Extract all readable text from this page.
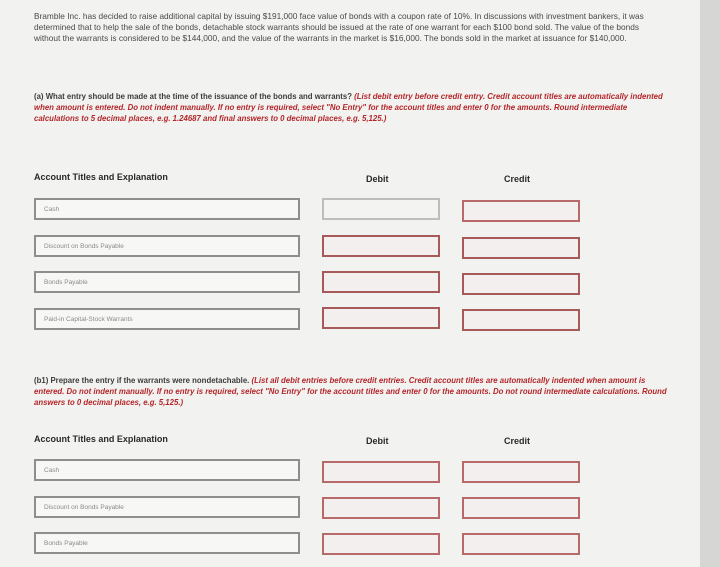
Bramble Inc. has decided to raise additional capital by issuing $191,000 face value of bonds with a coupon rate of 10%. In discussions with investment bankers, it was determined that to help the sale of the bonds, detachable stock warrants should be issued at the rate of one warrant for each $100 bond sold. The value of the bonds without the warrants is considered to be $144,000, and the value of the warrants in the market is $16,000. The bonds sold in the market at issuance for $140,000.
(a) What entry should be made at the time of the issuance of the bonds and warrants? (List debit entry before credit entry. Credit account titles are automatically indented when amount is entered. Do not indent manually. If no entry is required, select "No Entry" for the account titles and enter 0 for the amounts. Round intermediate calculations to 5 decimal places, e.g. 1.24687 and final answers to 0 decimal places, e.g. 5,125.)
Account Titles and Explanation	Debit	Credit
Cash
Discount on Bonds Payable
Bonds Payable
Paid-in Capital-Stock Warrants
(b1) Prepare the entry if the warrants were nondetachable. (List all debit entries before credit entries. Credit account titles are automatically indented when amount is entered. Do not indent manually. If no entry is required, select "No Entry" for the account titles and enter 0 for the amounts. Do not round intermediate calculations. Round answers to 0 decimal places, e.g. 5,125.)
Account Titles and Explanation	Debit	Credit
Cash
Discount on Bonds Payable
Bonds Payable
